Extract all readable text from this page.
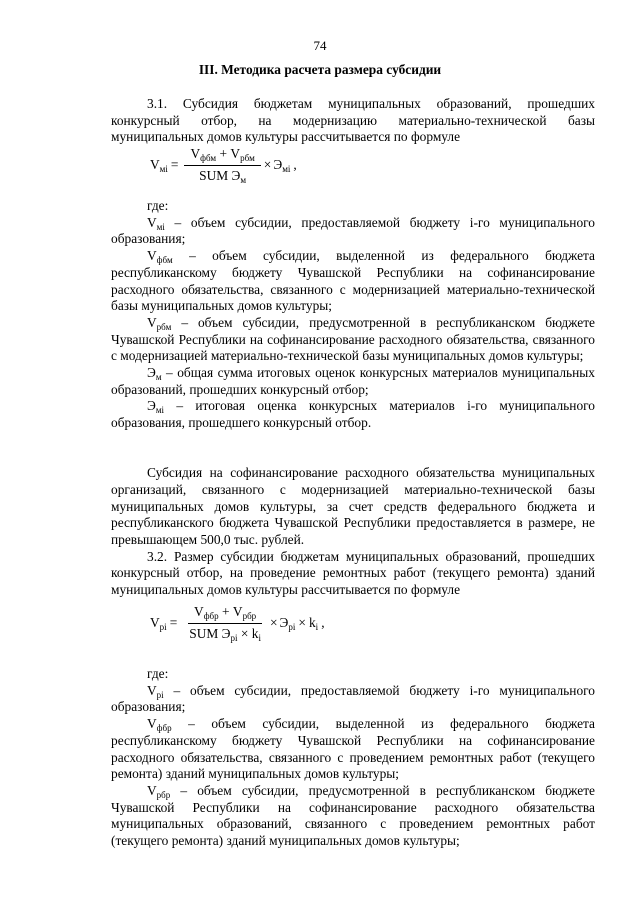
74
III. Методика расчета размера субсидии

3.1. Субсидия бюджетам муниципальных образований, прошедших конкурсный отбор, на модернизацию материально-технической базы муниципальных домов культуры рассчитывается по формуле

$V_{мi} = \frac{V_{фбм} + V_{рбм}}{SUM Э_м} \times Э_{мi}$ ,

где:

$V_{мi}$ – объем субсидии, предоставляемой бюджету i-го муниципального образования;

$V_{фбм}$ – объем субсидии, выделенной из федерального бюджета республиканскому бюджету Чувашской Республики на софинансирование расходного обязательства, связанного с модернизацией материально-технической базы муниципальных домов культуры;

$V_{рбм}$ – объем субсидии, предусмотренной в республиканском бюджете Чувашской Республики на софинансирование расходного обязательства, связанного с модернизацией материально-технической базы муниципальных домов культуры;

$Э_м$ – общая сумма итоговых оценок конкурсных материалов муниципальных образований, прошедших конкурсный отбор;

$Э_{мi}$ – итоговая оценка конкурсных материалов i-го муниципального образования, прошедшего конкурсный отбор.

Субсидия на софинансирование расходного обязательства муниципальных организаций, связанного с модернизацией материально-технической базы муниципальных домов культуры, за счет средств федерального бюджета и республиканского бюджета Чувашской Республики предоставляется в размере, не превышающем 500,0 тыс. рублей.

3.2. Размер субсидии бюджетам муниципальных образований, прошедших конкурсный отбор, на проведение ремонтных работ (текущего ремонта) зданий муниципальных домов культуры рассчитывается по формуле

$V_{рi} = \frac{V_{фбр} + V_{рбр}}{SUM Э_{рi} \times k_i} \times Э_{рi} \times k_i$ ,

где:

$V_{рi}$ – объем субсидии, предоставляемой бюджету i-го муниципального образования;

$V_{фбр}$ – объем субсидии, выделенной из федерального бюджета республиканскому бюджету Чувашской Республики на софинансирование расходного обязательства, связанного с проведением ремонтных работ (текущего ремонта) зданий муниципальных домов культуры;

$V_{рбр}$ – объем субсидии, предусмотренной в республиканском бюджете Чувашской Республики на софинансирование расходного обязательства муниципальных образований, связанного с проведением ремонтных работ (текущего ремонта) зданий муниципальных домов культуры;
